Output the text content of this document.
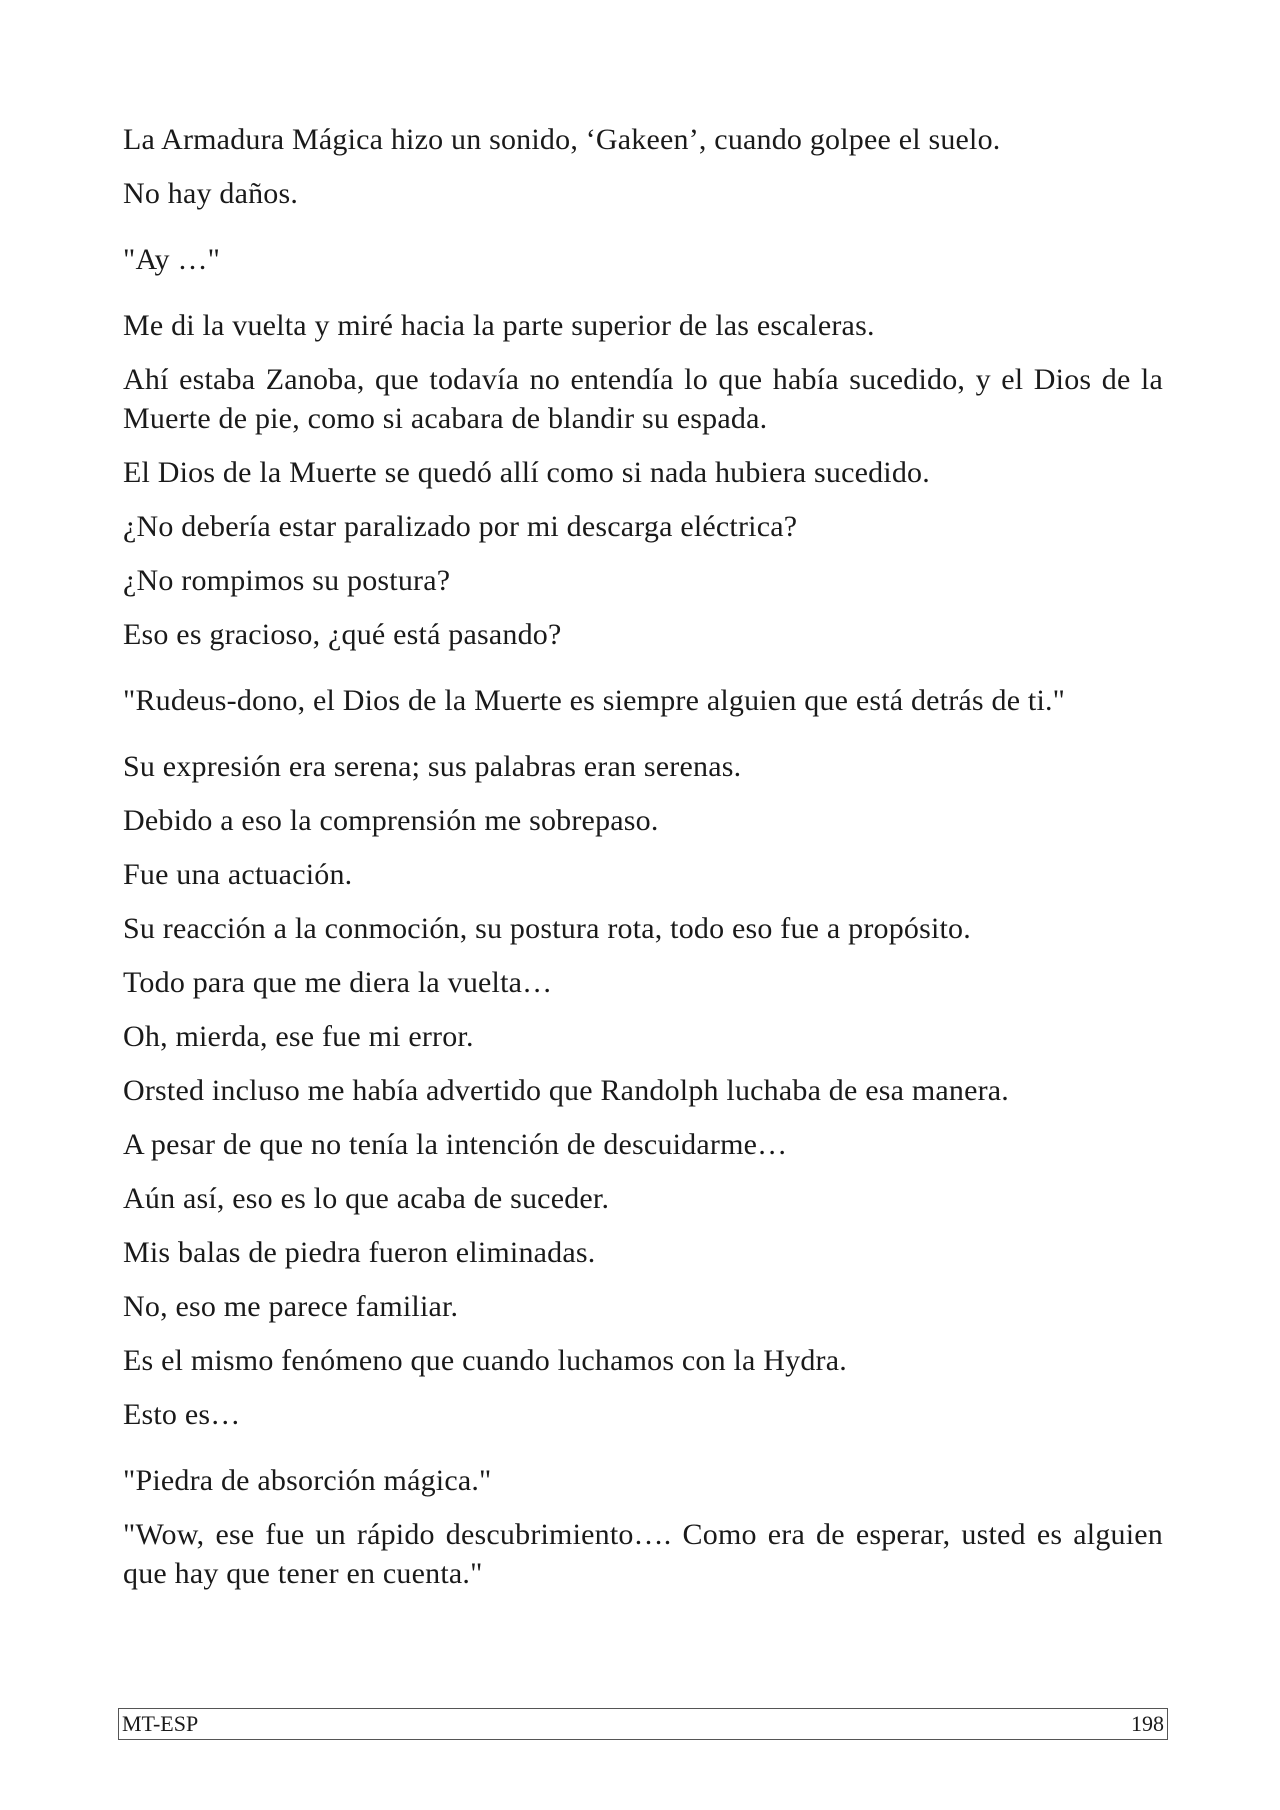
La Armadura Mágica hizo un sonido, ‘Gakeen’, cuando golpee el suelo.

No hay daños.

"Ay …"

Me di la vuelta y miré hacia la parte superior de las escaleras.

Ahí estaba Zanoba, que todavía no entendía lo que había sucedido, y el Dios de la Muerte de pie, como si acabara de blandir su espada.

El Dios de la Muerte se quedó allí como si nada hubiera sucedido.

¿No debería estar paralizado por mi descarga eléctrica?

¿No rompimos su postura?

Eso es gracioso, ¿qué está pasando?

"Rudeus-dono, el Dios de la Muerte es siempre alguien que está detrás de ti."

Su expresión era serena; sus palabras eran serenas.

Debido a eso la comprensión me sobrepaso.

Fue una actuación.

Su reacción a la conmoción, su postura rota, todo eso fue a propósito.

Todo para que me diera la vuelta…

Oh, mierda, ese fue mi error.

Orsted incluso me había advertido que Randolph luchaba de esa manera.

A pesar de que no tenía la intención de descuidarme…

Aún así, eso es lo que acaba de suceder.

Mis balas de piedra fueron eliminadas.

No, eso me parece familiar.

Es el mismo fenómeno que cuando luchamos con la Hydra.

Esto es…

"Piedra de absorción mágica."

"Wow, ese fue un rápido descubrimiento…. Como era de esperar, usted es alguien que hay que tener en cuenta."

MT-ESP	198
